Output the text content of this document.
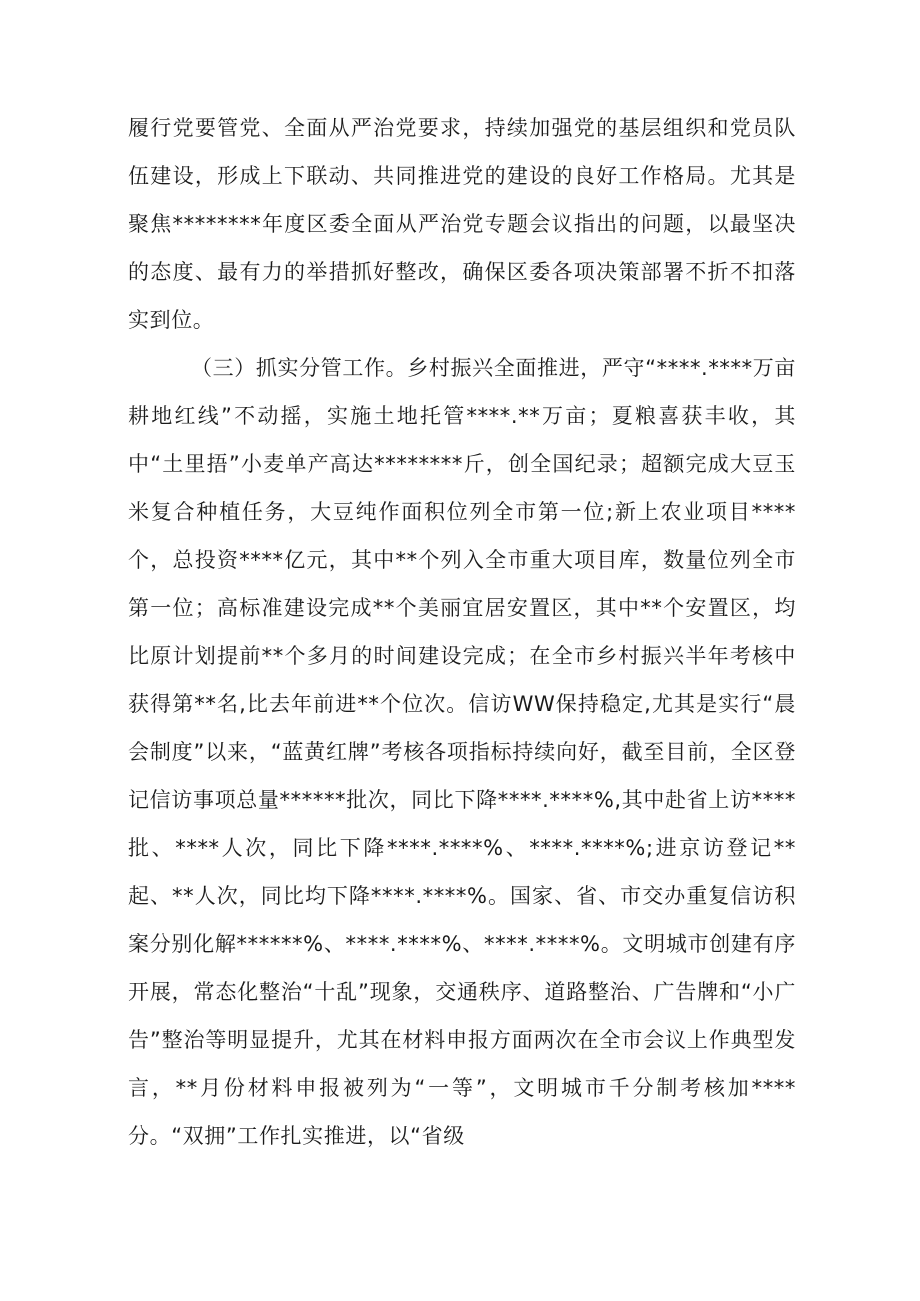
履行党要管党、全面从严治党要求，持续加强党的基层组织和党员队伍建设，形成上下联动、共同推进党的建设的良好工作格局。尤其是聚焦********年度区委全面从严治党专题会议指出的问题，以最坚决的态度、最有力的举措抓好整改，确保区委各项决策部署不折不扣落实到位。

（三）抓实分管工作。乡村振兴全面推进，严守“****.****万亩耕地红线”不动摇，实施土地托管****.**万亩；夏粮喜获丰收，其中“土里捂”小麦单产高达********斤，创全国纪录；超额完成大豆玉米复合种植任务，大豆纯作面积位列全市第一位;新上农业项目****个，总投资****亿元，其中**个列入全市重大项目库，数量位列全市第一位；高标准建设完成**个美丽宜居安置区，其中**个安置区，均比原计划提前**个多月的时间建设完成；在全市乡村振兴半年考核中获得第**名,比去年前进**个位次。信访WW保持稳定,尤其是实行“晨会制度”以来，“蓝黄红牌”考核各项指标持续向好，截至目前，全区登记信访事项总量******批次，同比下降****.****%,其中赴省上访****批、****人次，同比下降****.****%、****.****%;进京访登记**起、**人次，同比均下降****.****%。国家、省、市交办重复信访积案分别化解******%、****.****%、****.****%。文明城市创建有序开展，常态化整治“十乱”现象，交通秩序、道路整治、广告牌和“小广告”整治等明显提升，尤其在材料申报方面两次在全市会议上作典型发言，**月份材料申报被列为“一等”，文明城市千分制考核加****分。“双拥”工作扎实推进，以“省级
